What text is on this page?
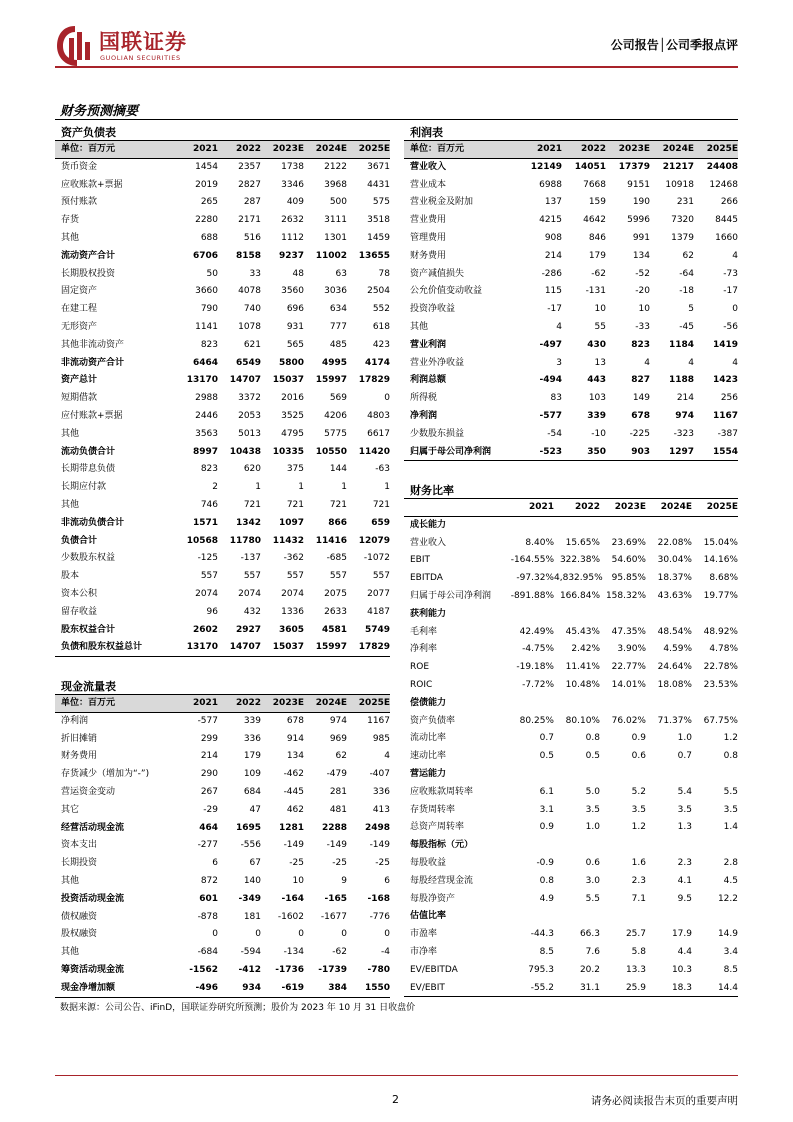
国联证券
GUOLIAN SECURITIES
公司报告│公司季报点评
财务预测摘要
资产负债表
单位：百万元	2021	2022	2023E	2024E	2025E
货币资金	1454	2357	1738	2122	3671
应收账款+票据	2019	2827	3346	3968	4431
预付账款	265	287	409	500	575
存货	2280	2171	2632	3111	3518
其他	688	516	1112	1301	1459
流动资产合计	6706	8158	9237	11002	13655
长期股权投资	50	33	48	63	78
固定资产	3660	4078	3560	3036	2504
在建工程	790	740	696	634	552
无形资产	1141	1078	931	777	618
其他非流动资产	823	621	565	485	423
非流动资产合计	6464	6549	5800	4995	4174
资产总计	13170	14707	15037	15997	17829
短期借款	2988	3372	2016	569	0
应付账款+票据	2446	2053	3525	4206	4803
其他	3563	5013	4795	5775	6617
流动负债合计	8997	10438	10335	10550	11420
长期带息负债	823	620	375	144	-63
长期应付款	2	1	1	1	1
其他	746	721	721	721	721
非流动负债合计	1571	1342	1097	866	659
负债合计	10568	11780	11432	11416	12079
少数股东权益	-125	-137	-362	-685	-1072
股本	557	557	557	557	557
资本公积	2074	2074	2074	2075	2077
留存收益	96	432	1336	2633	4187
股东权益合计	2602	2927	3605	4581	5749
负债和股东权益总计	13170	14707	15037	15997	17829
现金流量表
单位：百万元	2021	2022	2023E	2024E	2025E
净利润	-577	339	678	974	1167
折旧摊销	299	336	914	969	985
财务费用	214	179	134	62	4
存货减少（增加为“-”)	290	109	-462	-479	-407
营运资金变动	267	684	-445	281	336
其它	-29	47	462	481	413
经营活动现金流	464	1695	1281	2288	2498
资本支出	-277	-556	-149	-149	-149
长期投资	6	67	-25	-25	-25
其他	872	140	10	9	6
投资活动现金流	601	-349	-164	-165	-168
债权融资	-878	181	-1602	-1677	-776
股权融资	0	0	0	0	0
其他	-684	-594	-134	-62	-4
筹资活动现金流	-1562	-412	-1736	-1739	-780
现金净增加额	-496	934	-619	384	1550
利润表
单位：百万元	2021	2022	2023E	2024E	2025E
营业收入	12149	14051	17379	21217	24408
营业成本	6988	7668	9151	10918	12468
营业税金及附加	137	159	190	231	266
营业费用	4215	4642	5996	7320	8445
管理费用	908	846	991	1379	1660
财务费用	214	179	134	62	4
资产减值损失	-286	-62	-52	-64	-73
公允价值变动收益	115	-131	-20	-18	-17
投资净收益	-17	10	10	5	0
其他	4	55	-33	-45	-56
营业利润	-497	430	823	1184	1419
营业外净收益	3	13	4	4	4
利润总额	-494	443	827	1188	1423
所得税	83	103	149	214	256
净利润	-577	339	678	974	1167
少数股东损益	-54	-10	-225	-323	-387
归属于母公司净利润	-523	350	903	1297	1554
财务比率
2021	2022	2023E	2024E	2025E
成长能力
营业收入	8.40%	15.65%	23.69%	22.08%	15.04%
EBIT	-164.55% 322.38%	54.60%	30.04%	14.16%
EBITDA	-97.32% 4,832.95%	95.85%	18.37%	8.68%
归属于母公司净利润	-891.88% 166.84% 158.32%	43.63%	19.77%
获利能力
毛利率	42.49%	45.43%	47.35%	48.54%	48.92%
净利率	-4.75%	2.42%	3.90%	4.59%	4.78%
ROE	-19.18%	11.41%	22.77%	24.64%	22.78%
ROIC	-7.72%	10.48%	14.01%	18.08%	23.53%
偿债能力
资产负债率	80.25%	80.10%	76.02%	71.37%	67.75%
流动比率	0.7	0.8	0.9	1.0	1.2
速动比率	0.5	0.5	0.6	0.7	0.8
营运能力
应收账款周转率	6.1	5.0	5.2	5.4	5.5
存货周转率	3.1	3.5	3.5	3.5	3.5
总资产周转率	0.9	1.0	1.2	1.3	1.4
每股指标（元）
每股收益	-0.9	0.6	1.6	2.3	2.8
每股经营现金流	0.8	3.0	2.3	4.1	4.5
每股净资产	4.9	5.5	7.1	9.5	12.2
估值比率
市盈率	-44.3	66.3	25.7	17.9	14.9
市净率	8.5	7.6	5.8	4.4	3.4
EV/EBITDA	795.3	20.2	13.3	10.3	8.5
EV/EBIT	-55.2	31.1	25.9	18.3	14.4
数据来源：公司公告、iFinD，国联证券研究所预测；股价为 2023 年 10 月 31 日收盘价
2	请务必阅读报告末页的重要声明
